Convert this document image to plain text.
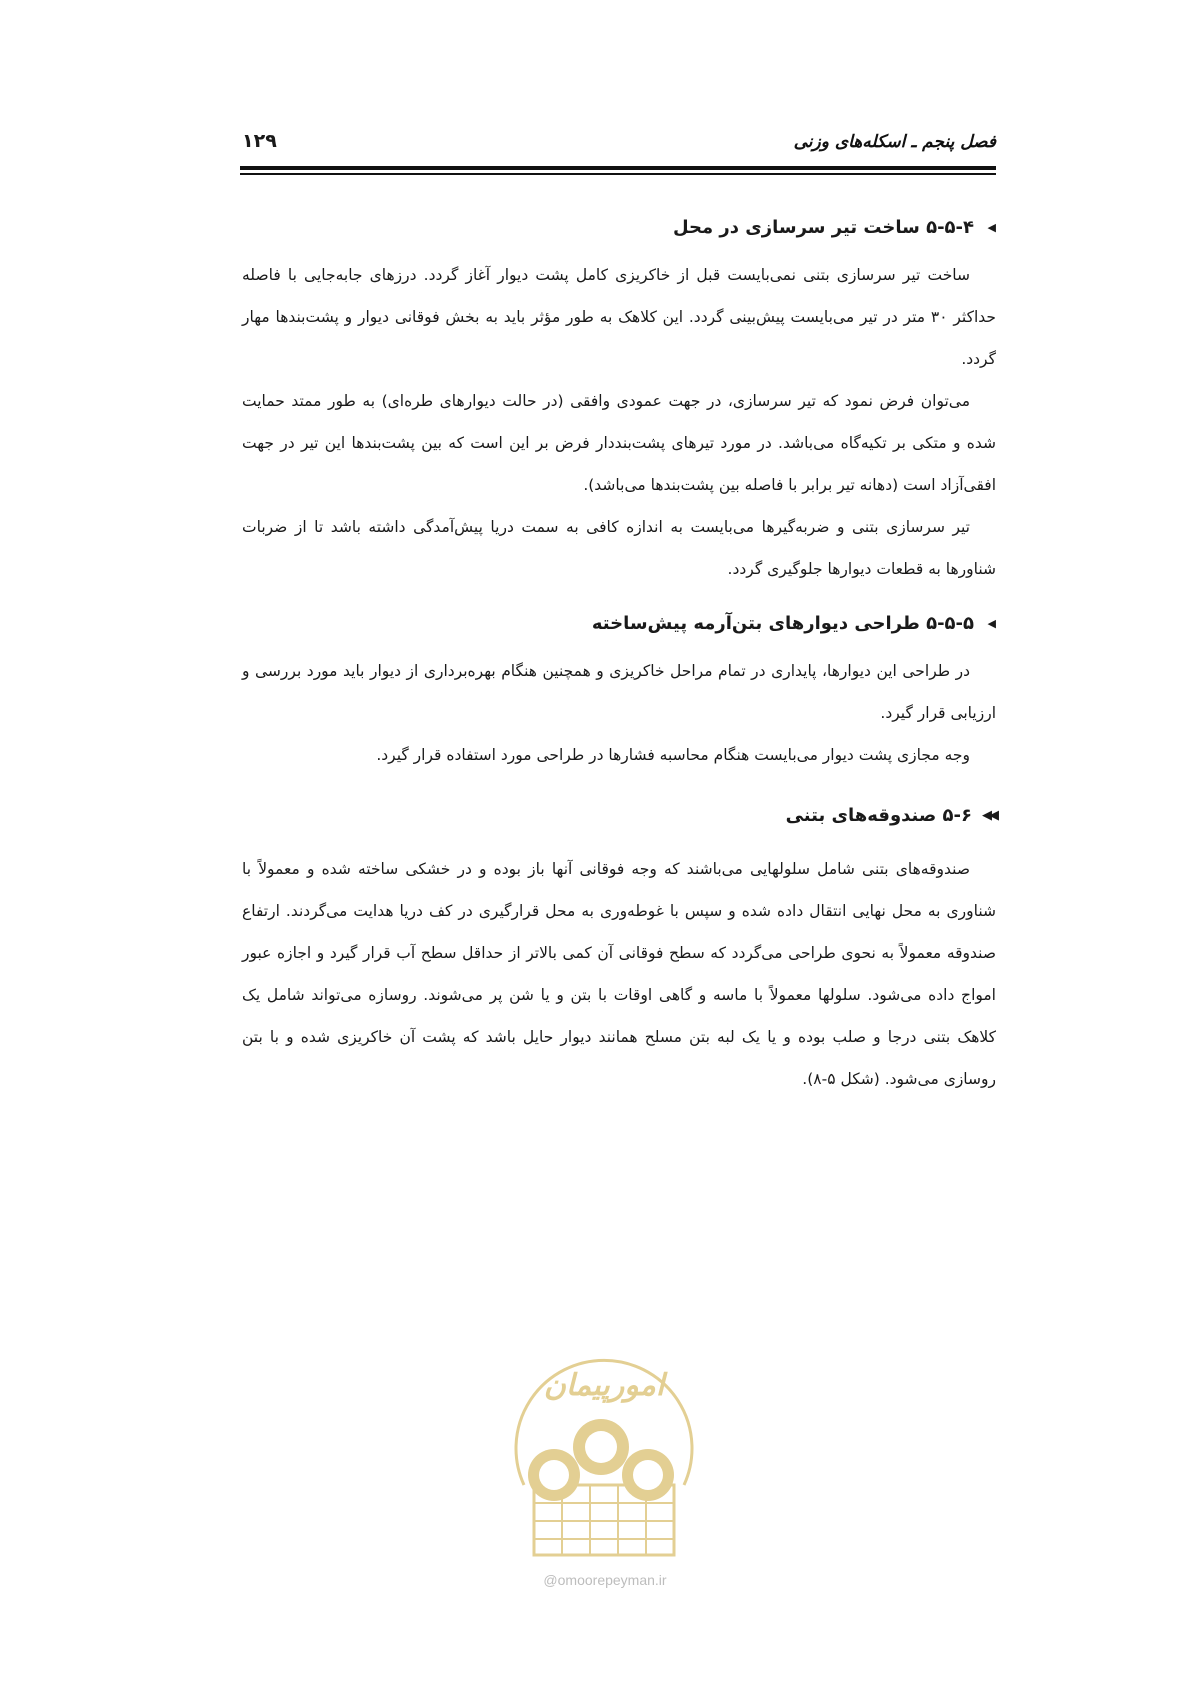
فصل پنجم ـ اسکله‌های وزنی
۱۲۹
◀
۵-۵-۴ ساخت تیر سرسازی در محل

ساخت تیر سرسازی بتنی نمی‌بایست قبل از خاکریزی کامل پشت دیوار آغاز گردد. درزهای جابه‌جایی با فاصله حداکثر ۳۰ متر در تیر می‌بایست پیش‌بینی گردد. این کلاهک به طور مؤثر باید به بخش فوقانی دیوار و پشت‌بندها مهار گردد.

می‌توان فرض نمود که تیر سرسازی، در جهت عمودی وافقی (در حالت دیوارهای طره‌ای) به طور ممتد حمایت شده و متکی بر تکیه‌گاه می‌باشد. در مورد تیرهای پشت‌بنددار فرض بر این است که بین پشت‌بندها این تیر در جهت افقی‌آزاد است (دهانه تیر برابر با فاصله بین پشت‌بندها می‌باشد).

تیر سرسازی بتنی و ضربه‌گیرها می‌بایست به اندازه کافی به سمت دریا پیش‌آمدگی داشته باشد تا از ضربات شناورها به قطعات دیوارها جلوگیری گردد.

◀
۵-۵-۵ طراحی دیوارهای بتن‌آرمه پیش‌ساخته

در طراحی این دیوارها، پایداری در تمام مراحل خاکریزی و همچنین هنگام بهره‌برداری از دیوار باید مورد بررسی و ارزیابی قرار گیرد.

وجه مجازی پشت دیوار می‌بایست هنگام محاسبه فشارها در طراحی مورد استفاده قرار گیرد.

◀◀
۵-۶ صندوقه‌های بتنی

صندوقه‌های بتنی شامل سلولهایی می‌باشند که وجه فوقانی آنها باز بوده و در خشکی ساخته شده و معمولاً با شناوری به محل نهایی انتقال داده شده و سپس با غوطه‌وری به محل قرارگیری در کف دریا هدایت می‌گردند. ارتفاع صندوقه معمولاً به نحوی طراحی می‌گردد که سطح فوقانی آن کمی بالاتر از حداقل سطح آب قرار گیرد و اجازه عبور امواج داده می‌شود. سلولها معمولاً با ماسه و گاهی اوقات با بتن و یا شن پر می‌شوند. روسازه می‌تواند شامل یک کلاهک بتنی درجا و صلب بوده و یا یک لبه بتن مسلح همانند دیوار حایل باشد که پشت آن خاکریزی شده و با بتن روسازی می‌شود. (شکل ۵-۸).

امورپیمان
@omoorepeyman.ir
